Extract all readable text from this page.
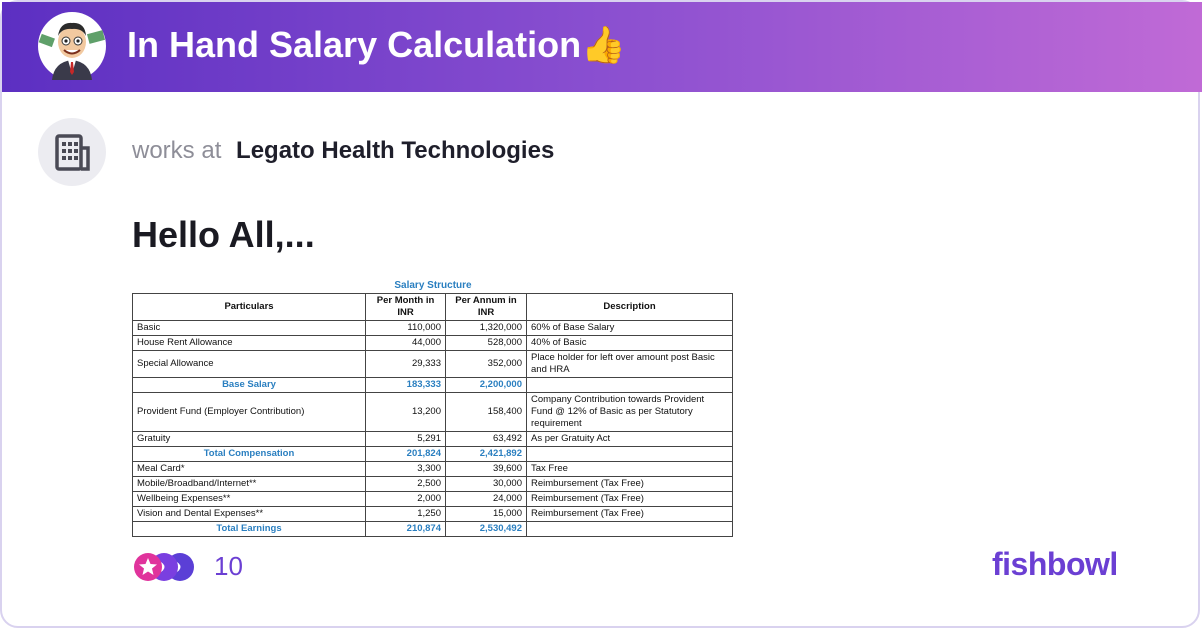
In Hand Salary Calculation👍
works at Legato Health Technologies
Hello All,...
Salary Structure
Particulars	Per Month in INR	Per Annum in INR	Description
Basic	110,000	1,320,000	60% of Base Salary
House Rent Allowance	44,000	528,000	40% of Basic
Special Allowance	29,333	352,000	Place holder for left over amount post Basic and HRA
Base Salary	183,333	2,200,000	
Provident Fund (Employer Contribution)	13,200	158,400	Company Contribution towards Provident Fund @ 12% of Basic as per Statutory requirement
Gratuity	5,291	63,492	As per Gratuity Act
Total Compensation	201,824	2,421,892	
Meal Card*	3,300	39,600	Tax Free
Mobile/Broadband/Internet**	2,500	30,000	Reimbursement (Tax Free)
Wellbeing Expenses**	2,000	24,000	Reimbursement (Tax Free)
Vision and Dental Expenses**	1,250	15,000	Reimbursement (Tax Free)
Total Earnings	210,874	2,530,492	
10	fishbowl
